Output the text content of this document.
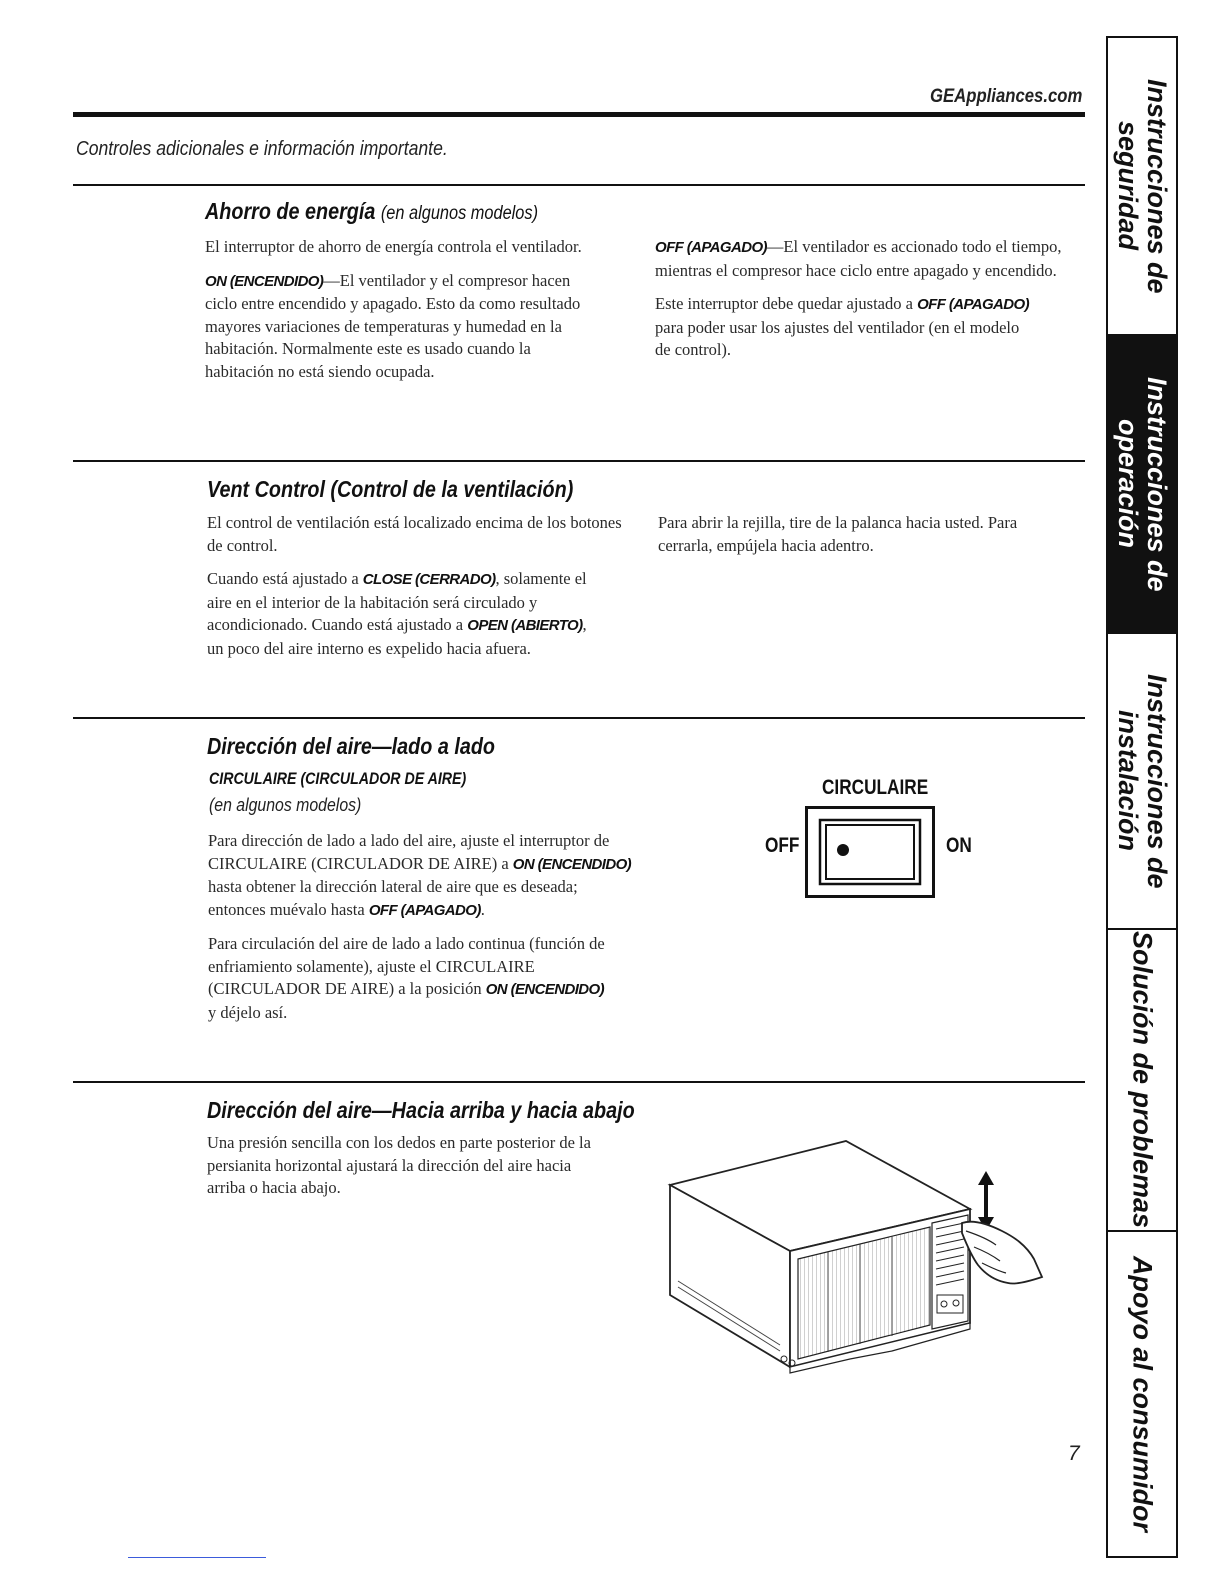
GEAppliances.com
Controles adicionales e información importante.
Ahorro de energía (en algunos modelos)

El interruptor de ahorro de energía controla el ventilador.

ON (ENCENDIDO)—El ventilador y el compresor hacen ciclo entre encendido y apagado. Esto da como resultado mayores variaciones de temperaturas y humedad en la habitación. Normalmente este es usado cuando la habitación no está siendo ocupada.

OFF (APAGADO)—El ventilador es accionado todo el tiempo, mientras el compresor hace ciclo entre apagado y encendido.

Este interruptor debe quedar ajustado a OFF (APAGADO) para poder usar los ajustes del ventilador (en el modelo de control).

Vent Control (Control de la ventilación)

El control de ventilación está localizado encima de los botones de control.

Cuando está ajustado a CLOSE (CERRADO), solamente el aire en el interior de la habitación será circulado y acondicionado. Cuando está ajustado a OPEN (ABIERTO), un poco del aire interno es expelido hacia afuera.

Para abrir la rejilla, tire de la palanca hacia usted. Para cerrarla, empújela hacia adentro.

Dirección del aire—lado a lado
CIRCULAIRE (CIRCULADOR DE AIRE)
(en algunos modelos)

Para dirección de lado a lado del aire, ajuste el interruptor de CIRCULAIRE (CIRCULADOR DE AIRE) a ON (ENCENDIDO) hasta obtener la dirección lateral de aire que es deseada; entonces muévalo hasta OFF (APAGADO).

Para circulación del aire de lado a lado continua (función de enfriamiento solamente), ajuste el CIRCULAIRE (CIRCULADOR DE AIRE) a la posición ON (ENCENDIDO) y déjelo así.

CIRCULAIRE
OFF	ON
Dirección del aire—Hacia arriba y hacia abajo

Una presión sencilla con los dedos en parte posterior de la persianita horizontal ajustará la dirección del aire hacia arriba o hacia abajo.

7
Instrucciones de
seguridad
Instrucciones de
operación
Instrucciones de
instalación
Solución de problemas
Apoyo al consumidor
